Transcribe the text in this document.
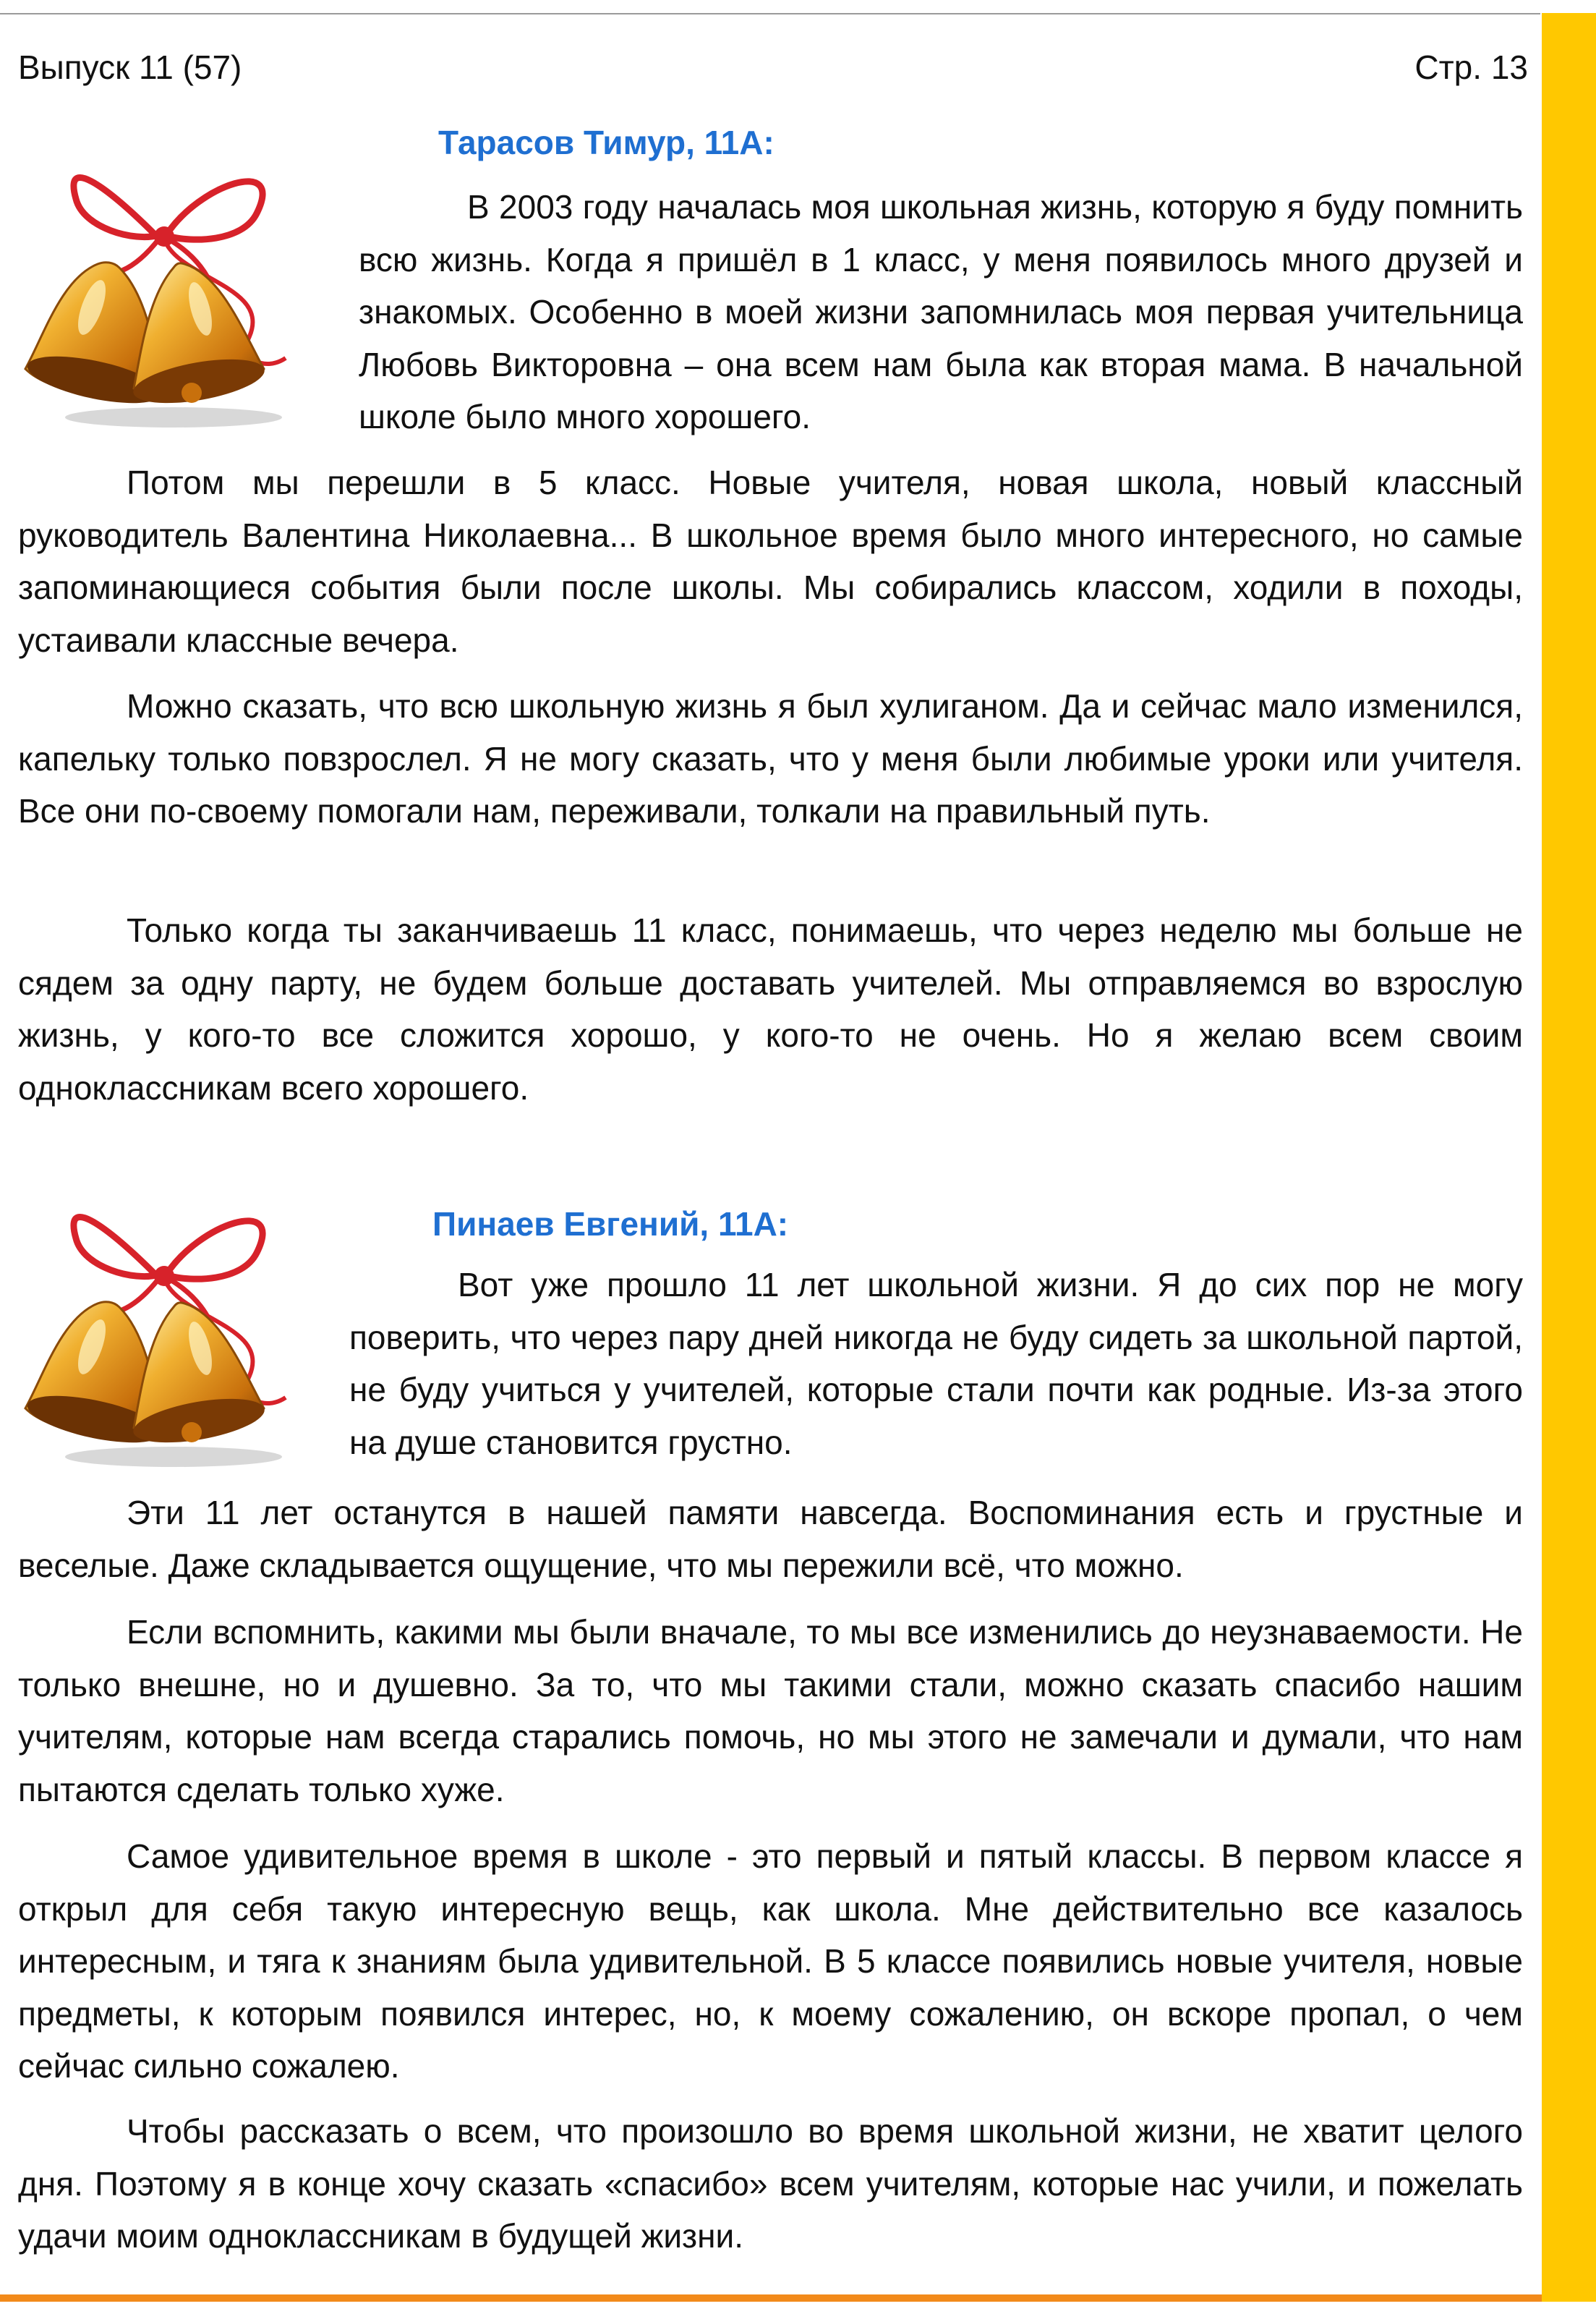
Выпуск 11 (57)	Стр. 13
Тарасов Тимур, 11А:

В 2003 году началась моя школьная жизнь, которую я буду помнить всю жизнь. Когда я пришёл в 1 класс, у меня появилось много друзей и знакомых. Особенно в моей жизни запомнилась моя первая учительница Любовь Викторовна – она всем нам была как вторая мама. В начальной школе было много хорошего.

Потом мы перешли в 5 класс. Новые учителя, новая школа, новый классный руководитель Валентина Николаевна... В школьное время было много интересного, но самые запоминающиеся события были после школы. Мы собирались классом, ходили в походы, устаивали классные вечера.

Можно сказать, что всю школьную жизнь я был хулиганом. Да и сейчас мало изменился, капельку только повзрослел. Я не могу сказать, что у меня были любимые уроки или учителя. Все они по-своему помогали нам, переживали, толкали на правильный путь.

Только когда ты заканчиваешь 11 класс, понимаешь, что через неделю мы больше не сядем за одну парту, не будем больше доставать учителей. Мы отправляемся во взрослую жизнь, у кого-то все сложится хорошо, у кого-то не очень. Но я желаю всем своим одноклассникам всего хорошего.

Пинаев Евгений, 11А:

Вот уже прошло 11 лет школьной жизни. Я до сих пор не могу поверить, что через пару дней никогда не буду сидеть за школьной партой, не буду учиться у учителей, которые стали почти как родные. Из-за этого на душе становится грустно.

Эти 11 лет останутся в нашей памяти навсегда. Воспоминания есть и грустные и веселые. Даже складывается ощущение, что мы пережили всё, что можно.

Если вспомнить, какими мы были вначале, то мы все изменились до неузнаваемости. Не только внешне, но и душевно. За то, что мы такими стали, можно сказать спасибо нашим учителям, которые нам всегда старались помочь, но мы этого не замечали и думали, что нам пытаются сделать только хуже.

Самое удивительное время в школе - это первый и пятый классы. В первом классе я открыл для себя такую интересную вещь, как школа. Мне действительно все казалось интересным, и тяга к знаниям была удивительной. В 5 классе появились новые учителя, новые предметы, к которым появился интерес, но, к моему сожалению, он вскоре пропал, о чем сейчас сильно сожалею.

Чтобы рассказать о всем, что произошло во время школьной жизни, не хватит целого дня. Поэтому я в конце хочу сказать «спасибо» всем учителям, которые нас учили, и пожелать удачи моим одноклассникам в будущей жизни.
